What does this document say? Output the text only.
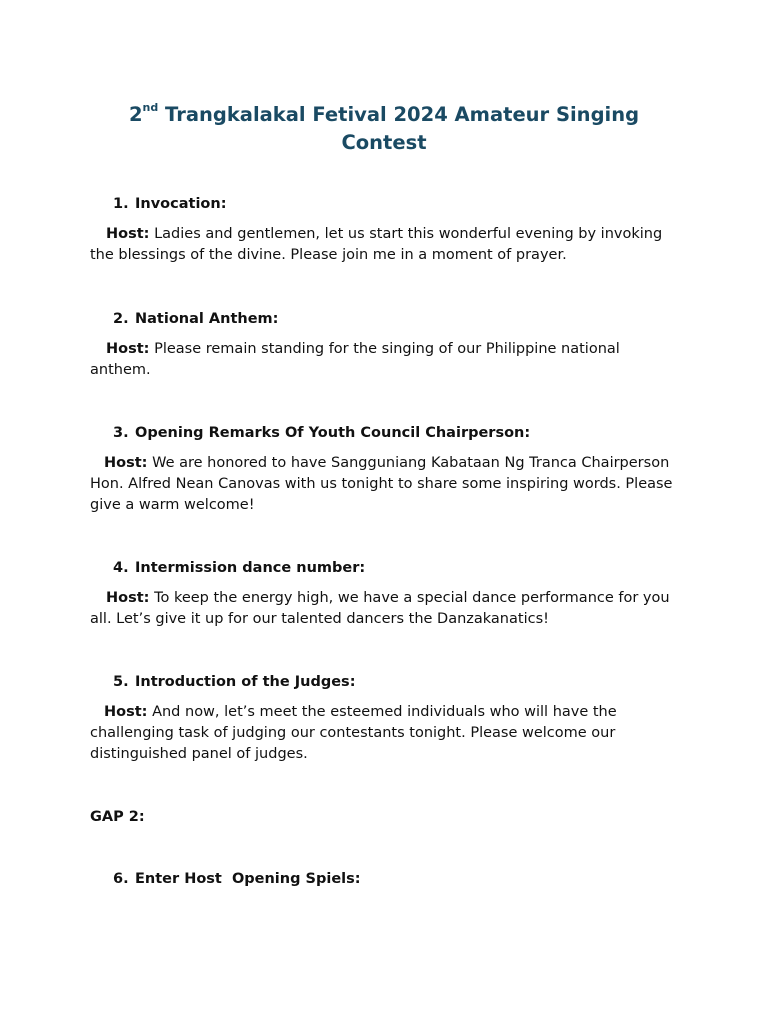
2nd Trangkalakal Fetival 2024 Amateur Singing Contest
1. Invocation:
Host: Ladies and gentlemen, let us start this wonderful evening by invoking the blessings of the divine. Please join me in a moment of prayer.
2. National Anthem:
Host: Please remain standing for the singing of our Philippine national anthem.
3. Opening Remarks Of Youth Council Chairperson:
Host: We are honored to have Sangguniang Kabataan Ng Tranca Chairperson Hon. Alfred Nean Canovas with us tonight to share some inspiring words. Please give a warm welcome!
4. Intermission dance number:
Host: To keep the energy high, we have a special dance performance for you all. Let’s give it up for our talented dancers the Danzakanatics!
5. Introduction of the Judges:
Host: And now, let’s meet the esteemed individuals who will have the challenging task of judging our contestants tonight. Please welcome our distinguished panel of judges.
GAP 2:
6. Enter Host  Opening Spiels:
